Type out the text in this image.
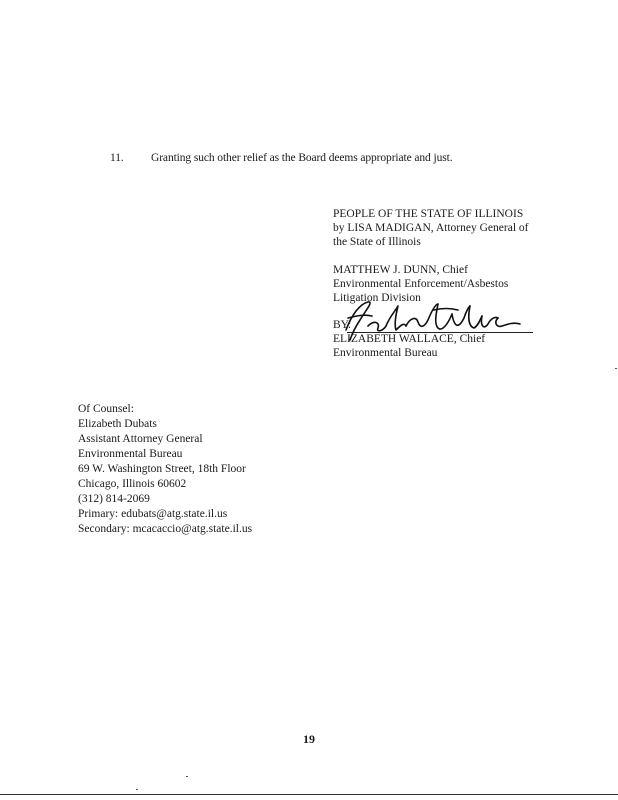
11. Granting such other relief as the Board deems appropriate and just.
PEOPLE OF THE STATE OF ILLINOIS
by LISA MADIGAN, Attorney General of
the State of Illinois
MATTHEW J. DUNN, Chief
Environmental Enforcement/Asbestos
Litigation Division
BY:
ELIZABETH WALLACE, Chief
Environmental Bureau
Of Counsel:
Elizabeth Dubats
Assistant Attorney General
Environmental Bureau
69 W. Washington Street, 18th Floor
Chicago, Illinois 60602
(312) 814-2069
Primary: edubats@atg.state.il.us
Secondary: mcacaccio@atg.state.il.us
19
